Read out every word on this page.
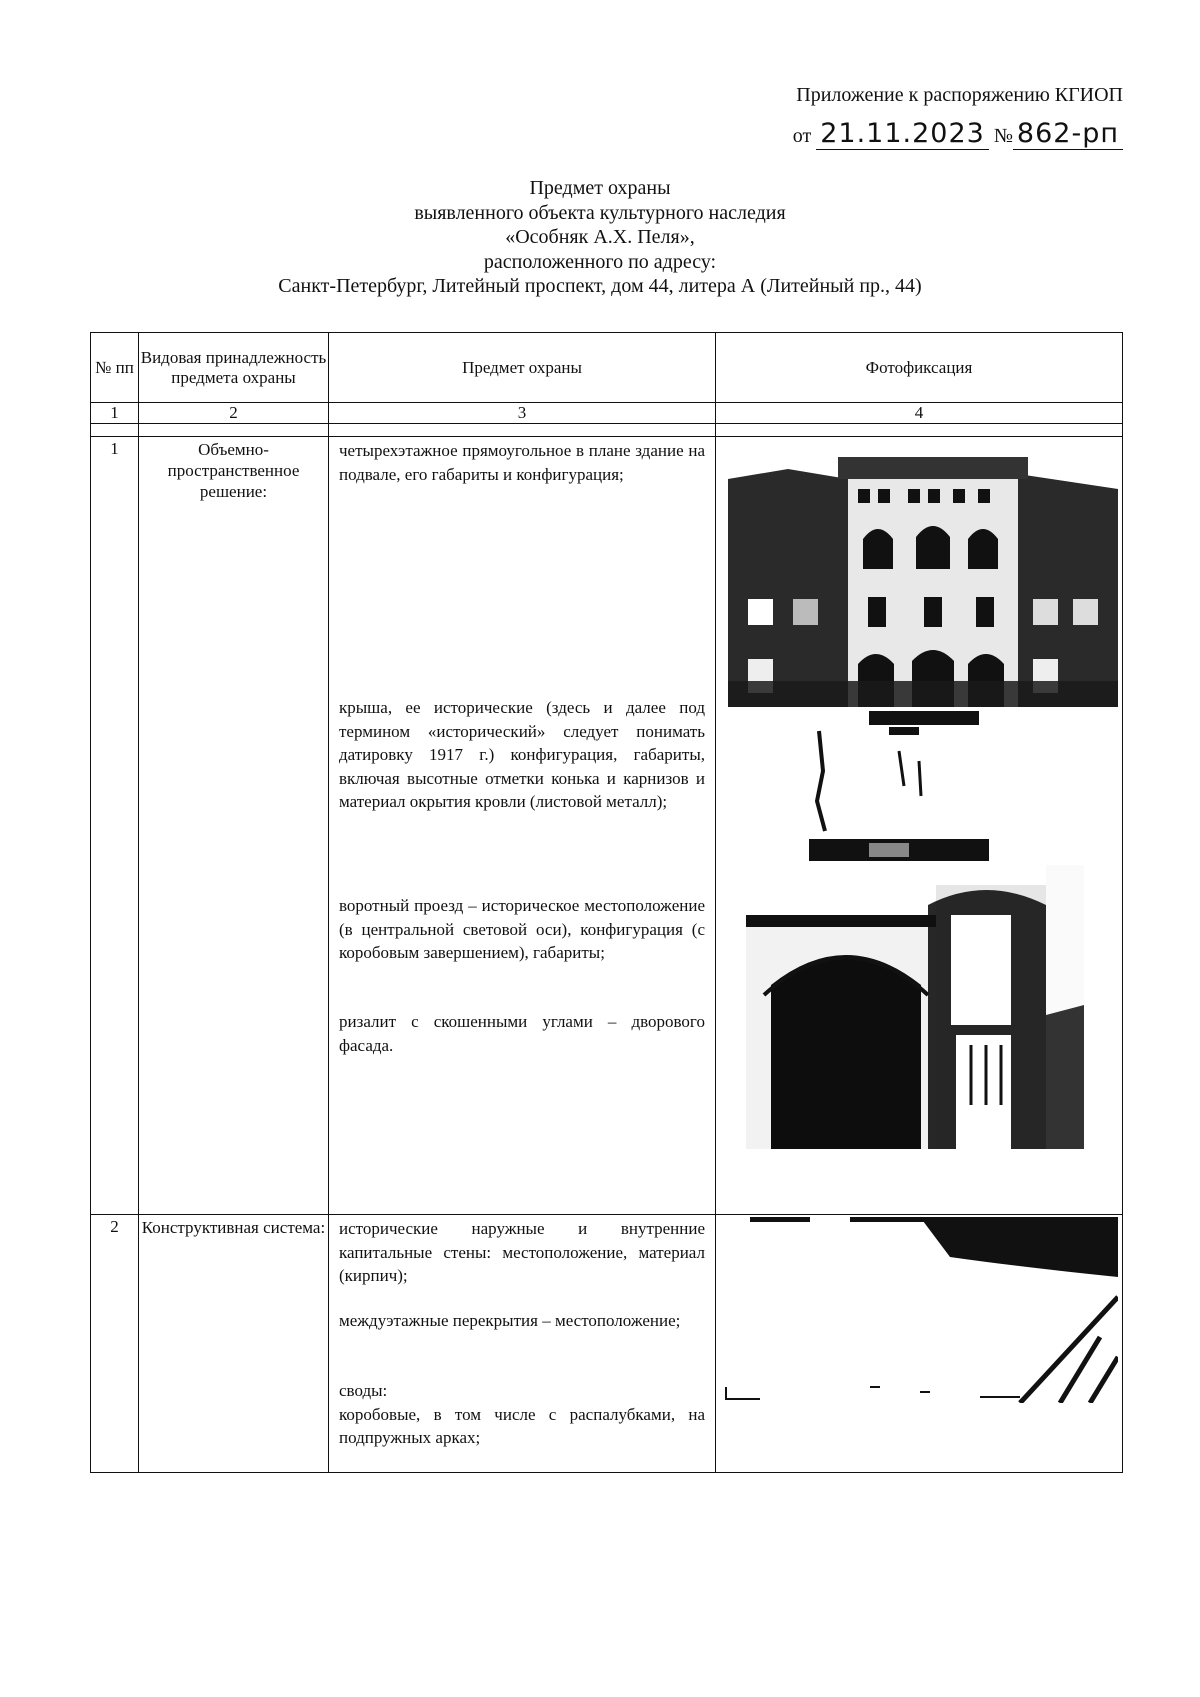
Приложение к распоряжению КГИОП
от 21.11.2023 № 862-рп
Предмет охраны
выявленного объекта культурного наследия
«Особняк А.Х. Пеля»,
расположенного по адресу:
Санкт-Петербург, Литейный проспект, дом 44, литера А (Литейный пр., 44)
№ пп	Видовая принадлежность предмета охраны	Предмет охраны	Фотофиксация
1	2	3	4

1	Объемно-пространственное решение:	четырехэтажное прямоугольное в плане здание на подвале, его габариты и конфигурация;

крыша, ее исторические (здесь и далее под термином «исторический» следует понимать датировку 1917 г.) конфигурация, габариты, включая высотные отметки конька и карнизов и материал окрытия кровли (листовой металл);

воротный проезд – историческое местоположение (в центральной световой оси), конфигурация (с коробовым завершением), габариты;

ризалит с скошенными углами – дворового фасада.

2	Конструктивная система:	исторические наружные и внутренние капитальные стены: местоположение, материал (кирпич);

междуэтажные перекрытия – местоположение;

своды:

коробовые, в том числе с распалубками, на подпружных арках;
